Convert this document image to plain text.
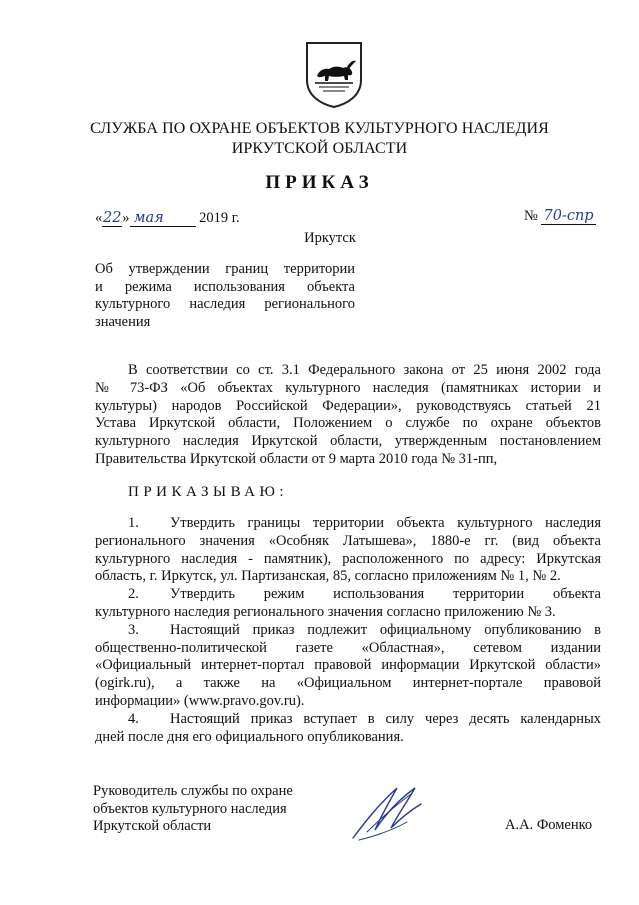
СЛУЖБА ПО ОХРАНЕ ОБЪЕКТОВ КУЛЬТУРНОГО НАСЛЕДИЯ
ИРКУТСКОЙ ОБЛАСТИ
ПРИКАЗ
«22» мая 2019 г.	№ 70-спр
Иркутск
Об утверждении границ территории
и режима использования объекта
культурного наследия регионального
значения
В соответствии со ст. 3.1 Федерального закона от 25 июня 2002 года
№ 73-ФЗ «Об объектах культурного наследия (памятниках истории и
культуры) народов Российской Федерации», руководствуясь статьей 21
Устава Иркутской области, Положением о службе по охране объектов
культурного наследия Иркутской области, утвержденным постановлением
Правительства Иркутской области от 9 марта 2010 года № 31-пп,
ПРИКАЗЫВАЮ:
1.	Утвердить границы территории объекта культурного наследия
регионального значения «Особняк Латышева», 1880-е гг. (вид объекта
культурного наследия - памятник), расположенного по адресу: Иркутская
область, г. Иркутск, ул. Партизанская, 85, согласно приложениям № 1, № 2.
2.	Утвердить режим использования территории объекта
культурного наследия регионального значения согласно приложению № 3.
3.	Настоящий приказ подлежит официальному опубликованию в
общественно-политической газете «Областная», сетевом издании
«Официальный интернет-портал правовой информации Иркутской области»
(ogirk.ru), а также на «Официальном интернет-портале правовой
информации» (www.pravo.gov.ru).
4.	Настоящий приказ вступает в силу через десять календарных
дней после дня его официального опубликования.
Руководитель службы по охране
объектов культурного наследия
Иркутской области	А.А. Фоменко
